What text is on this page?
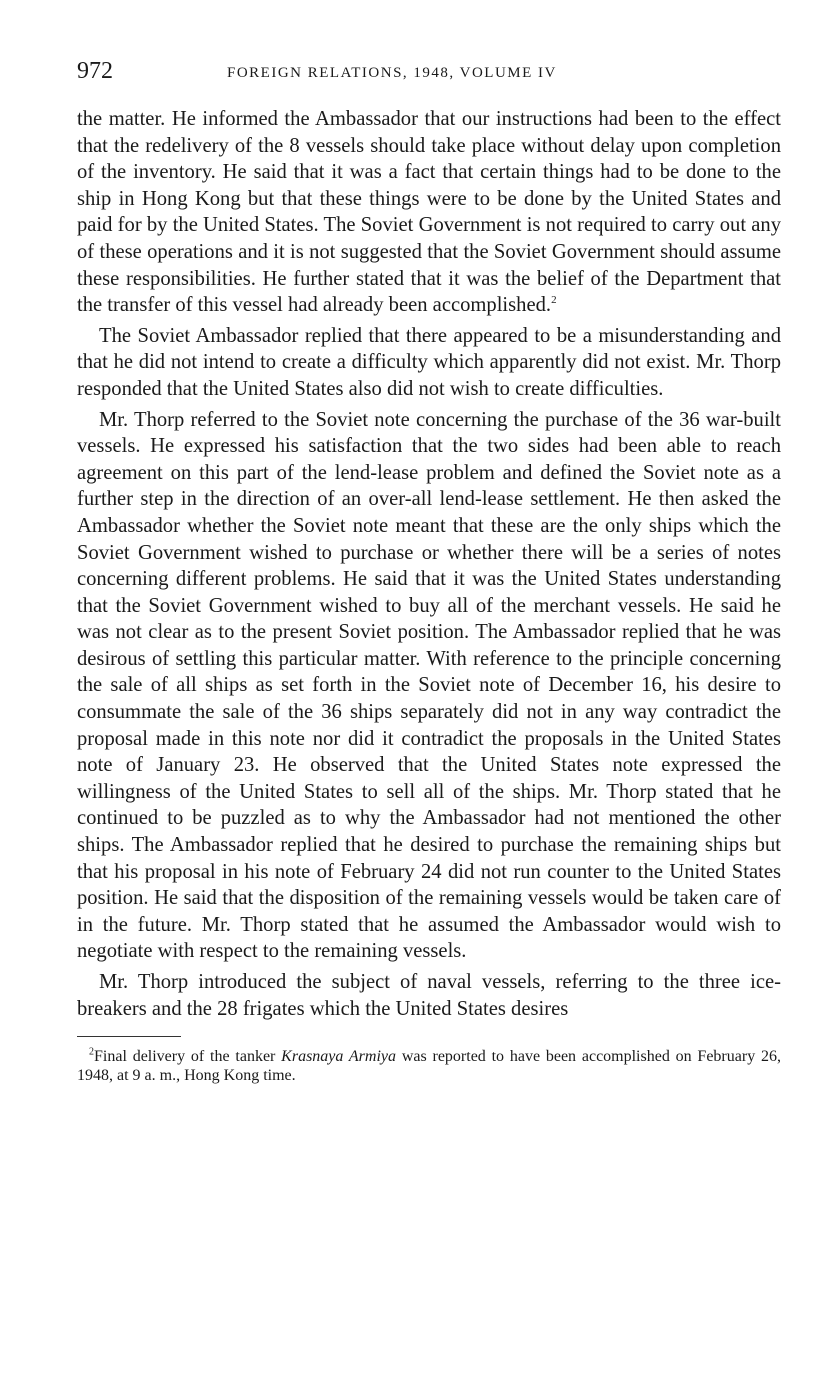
972	FOREIGN RELATIONS, 1948, VOLUME IV

the matter. He informed the Ambassador that our instructions had been to the effect that the redelivery of the 8 vessels should take place without delay upon completion of the inventory. He said that it was a fact that certain things had to be done to the ship in Hong Kong but that these things were to be done by the United States and paid for by the United States. The Soviet Government is not required to carry out any of these operations and it is not suggested that the Soviet Government should assume these responsibilities. He further stated that it was the belief of the Department that the transfer of this vessel had already been accomplished.$^2$

The Soviet Ambassador replied that there appeared to be a misunderstanding and that he did not intend to create a difficulty which apparently did not exist. Mr. Thorp responded that the United States also did not wish to create difficulties.

Mr. Thorp referred to the Soviet note concerning the purchase of the 36 war-built vessels. He expressed his satisfaction that the two sides had been able to reach agreement on this part of the lend-lease problem and defined the Soviet note as a further step in the direction of an over-all lend-lease settlement. He then asked the Ambassador whether the Soviet note meant that these are the only ships which the Soviet Government wished to purchase or whether there will be a series of notes concerning different problems. He said that it was the United States understanding that the Soviet Government wished to buy all of the merchant vessels. He said he was not clear as to the present Soviet position. The Ambassador replied that he was desirous of settling this particular matter. With reference to the principle concerning the sale of all ships as set forth in the Soviet note of December 16, his desire to consummate the sale of the 36 ships separately did not in any way contradict the proposal made in this note nor did it contradict the proposals in the United States note of January 23. He observed that the United States note expressed the willingness of the United States to sell all of the ships. Mr. Thorp stated that he continued to be puzzled as to why the Ambassador had not mentioned the other ships. The Ambassador replied that he desired to purchase the remaining ships but that his proposal in his note of February 24 did not run counter to the United States position. He said that the disposition of the remaining vessels would be taken care of in the future. Mr. Thorp stated that he assumed the Ambassador would wish to negotiate with respect to the remaining vessels.

Mr. Thorp introduced the subject of naval vessels, referring to the three ice-breakers and the 28 frigates which the United States desires

$^2$Final delivery of the tanker Krasnaya Armiya was reported to have been accomplished on February 26, 1948, at 9 a. m., Hong Kong time.
